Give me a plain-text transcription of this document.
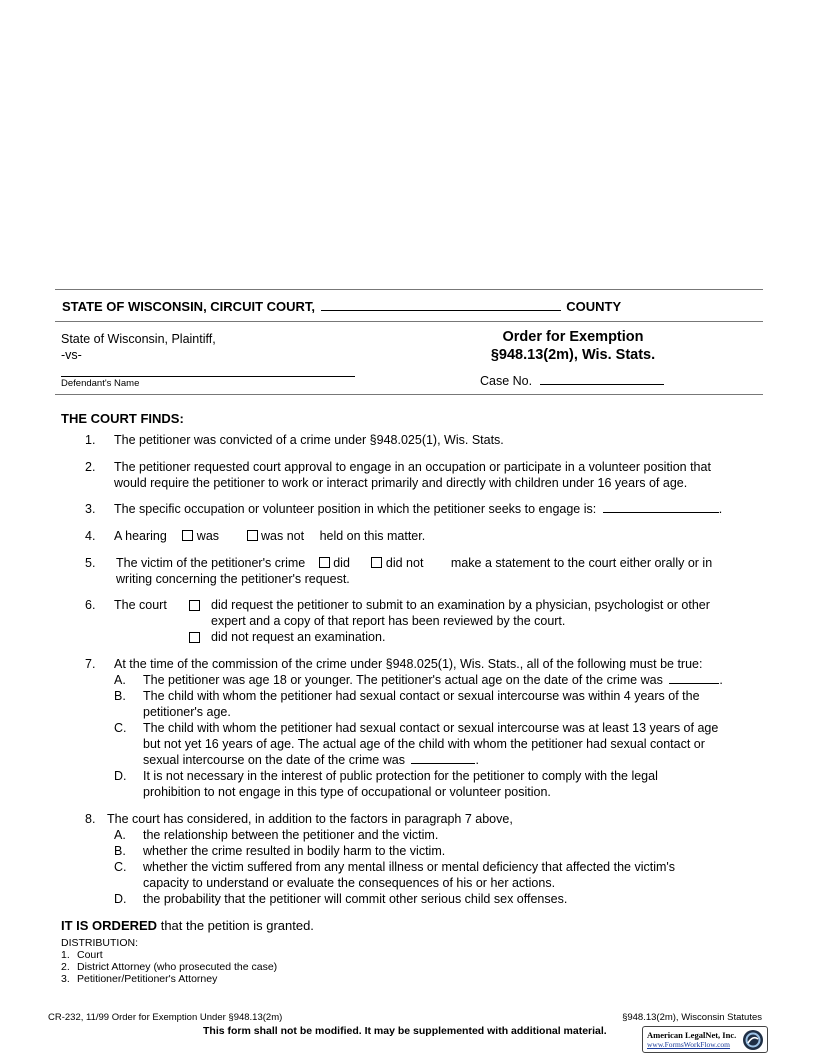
STATE OF WISCONSIN, CIRCUIT COURT,	COUNTY
State of Wisconsin, Plaintiff,
-vs-
Defendant's Name
Order for Exemption
§948.13(2m), Wis. Stats.
Case No.
THE COURT FINDS:
1.	The petitioner was convicted of a crime under §948.025(1), Wis. Stats.
2.	The petitioner requested court approval to engage in an occupation or participate in a volunteer position that
would require the petitioner to work or interact primarily and directly with children under 16 years of age.
3.	The specific occupation or volunteer position in which the petitioner seeks to engage is:	.
4.	A hearing was	was not held on this matter.
5.	The victim of the petitioner's crime did	did not make a statement to the court either orally or in
writing concerning the petitioner's request.
6.	The court	did request the petitioner to submit to an examination by a physician, psychologist or other
expert and a copy of that report has been reviewed by the court.
did not request an examination.
7.	At the time of the commission of the crime under §948.025(1), Wis. Stats., all of the following must be true:
A.	The petitioner was age 18 or younger. The petitioner's actual age on the date of the crime was	.
B.	The child with whom the petitioner had sexual contact or sexual intercourse was within 4 years of the
petitioner's age.
C.	The child with whom the petitioner had sexual contact or sexual intercourse was at least 13 years of age
but not yet 16 years of age. The actual age of the child with whom the petitioner had sexual contact or
sexual intercourse on the date of the crime was	.
D.	It is not necessary in the interest of public protection for the petitioner to comply with the legal
prohibition to not engage in this type of occupational or volunteer position.
8. The court has considered, in addition to the factors in paragraph 7 above,
A.	the relationship between the petitioner and the victim.
B.	whether the crime resulted in bodily harm to the victim.
C.	whether the victim suffered from any mental illness or mental deficiency that affected the victim's
capacity to understand or evaluate the consequences of his or her actions.
D.	the probability that the petitioner will commit other serious child sex offenses.
IT IS ORDERED that the petition is granted.
DISTRIBUTION:
1. Court
2. District Attorney (who prosecuted the case)
3. Petitioner/Petitioner's Attorney
CR-232, 11/99 Order for Exemption Under §948.13(2m)	§948.13(2m), Wisconsin Statutes
This form shall not be modified. It may be supplemented with additional material.	American LegalNet, Inc.
www.FormsWorkFlow.com
